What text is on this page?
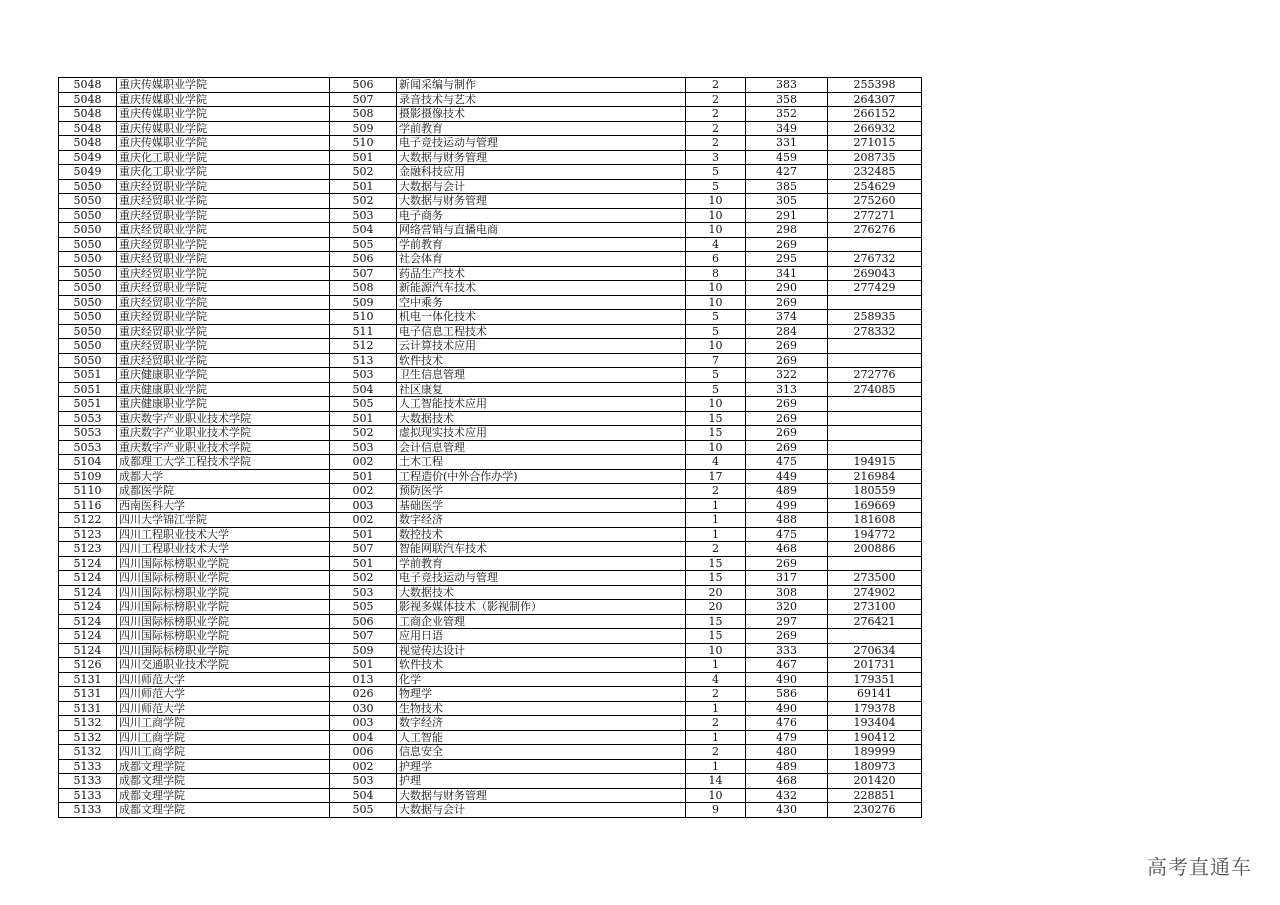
5048	重庆传媒职业学院	506	新闻采编与制作	2	383	255398
5048	重庆传媒职业学院	507	录音技术与艺术	2	358	264307
5048	重庆传媒职业学院	508	摄影摄像技术	2	352	266152
5048	重庆传媒职业学院	509	学前教育	2	349	266932
5048	重庆传媒职业学院	510	电子竞技运动与管理	2	331	271015
5049	重庆化工职业学院	501	大数据与财务管理	3	459	208735
5049	重庆化工职业学院	502	金融科技应用	5	427	232485
5050	重庆经贸职业学院	501	大数据与会计	5	385	254629
5050	重庆经贸职业学院	502	大数据与财务管理	10	305	275260
5050	重庆经贸职业学院	503	电子商务	10	291	277271
5050	重庆经贸职业学院	504	网络营销与直播电商	10	298	276276
5050	重庆经贸职业学院	505	学前教育	4	269	
5050	重庆经贸职业学院	506	社会体育	6	295	276732
5050	重庆经贸职业学院	507	药品生产技术	8	341	269043
5050	重庆经贸职业学院	508	新能源汽车技术	10	290	277429
5050	重庆经贸职业学院	509	空中乘务	10	269	
5050	重庆经贸职业学院	510	机电一体化技术	5	374	258935
5050	重庆经贸职业学院	511	电子信息工程技术	5	284	278332
5050	重庆经贸职业学院	512	云计算技术应用	10	269	
5050	重庆经贸职业学院	513	软件技术	7	269	
5051	重庆健康职业学院	503	卫生信息管理	5	322	272776
5051	重庆健康职业学院	504	社区康复	5	313	274085
5051	重庆健康职业学院	505	人工智能技术应用	10	269	
5053	重庆数字产业职业技术学院	501	大数据技术	15	269	
5053	重庆数字产业职业技术学院	502	虚拟现实技术应用	15	269	
5053	重庆数字产业职业技术学院	503	会计信息管理	10	269	
5104	成都理工大学工程技术学院	002	土木工程	4	475	194915
5109	成都大学	501	工程造价(中外合作办学)	17	449	216984
5110	成都医学院	002	预防医学	2	489	180559
5116	西南医科大学	003	基础医学	1	499	169669
5122	四川大学锦江学院	002	数字经济	1	488	181608
5123	四川工程职业技术大学	501	数控技术	1	475	194772
5123	四川工程职业技术大学	507	智能网联汽车技术	2	468	200886
5124	四川国际标榜职业学院	501	学前教育	15	269	
5124	四川国际标榜职业学院	502	电子竞技运动与管理	15	317	273500
5124	四川国际标榜职业学院	503	大数据技术	20	308	274902
5124	四川国际标榜职业学院	505	影视多媒体技术（影视制作）	20	320	273100
5124	四川国际标榜职业学院	506	工商企业管理	15	297	276421
5124	四川国际标榜职业学院	507	应用日语	15	269	
5124	四川国际标榜职业学院	509	视觉传达设计	10	333	270634
5126	四川交通职业技术学院	501	软件技术	1	467	201731
5131	四川师范大学	013	化学	4	490	179351
5131	四川师范大学	026	物理学	2	586	69141
5131	四川师范大学	030	生物技术	1	490	179378
5132	四川工商学院	003	数字经济	2	476	193404
5132	四川工商学院	004	人工智能	1	479	190412
5132	四川工商学院	006	信息安全	2	480	189999
5133	成都文理学院	002	护理学	1	489	180973
5133	成都文理学院	503	护理	14	468	201420
5133	成都文理学院	504	大数据与财务管理	10	432	228851
5133	成都文理学院	505	大数据与会计	9	430	230276
高考直通车
